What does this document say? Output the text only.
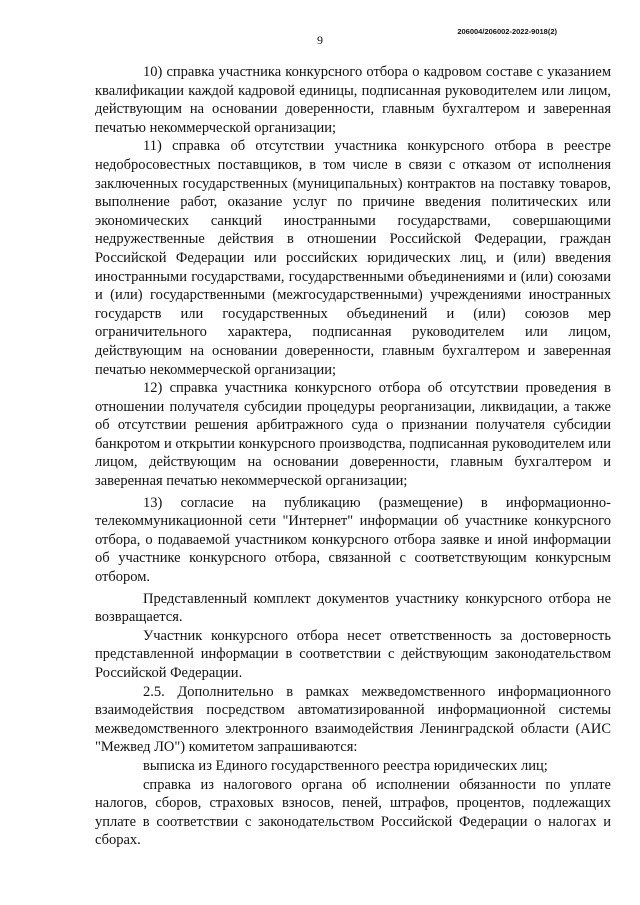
9
206004/206002-2022-9018(2)

10) справка участника конкурсного отбора о кадровом составе с указанием квалификации каждой кадровой единицы, подписанная руководителем или лицом, действующим на основании доверенности, главным бухгалтером и заверенная печатью некоммерческой организации;

11) справка об отсутствии участника конкурсного отбора в реестре недобросовестных поставщиков, в том числе в связи с отказом от исполнения заключенных государственных (муниципальных) контрактов на поставку товаров, выполнение работ, оказание услуг по причине введения политических или экономических санкций иностранными государствами, совершающими недружественные действия в отношении Российской Федерации, граждан Российской Федерации или российских юридических лиц, и (или) введения иностранными государствами, государственными объединениями и (или) союзами и (или) государственными (межгосударственными) учреждениями иностранных государств или государственных объединений и (или) союзов мер ограничительного характера, подписанная руководителем или лицом, действующим на основании доверенности, главным бухгалтером и заверенная печатью некоммерческой организации;

12) справка участника конкурсного отбора об отсутствии проведения в отношении получателя субсидии процедуры реорганизации, ликвидации, а также об отсутствии решения арбитражного суда о признании получателя субсидии банкротом и открытии конкурсного производства, подписанная руководителем или лицом, действующим на основании доверенности, главным бухгалтером и заверенная печатью некоммерческой организации;

13) согласие на публикацию (размещение) в информационно-телекоммуникационной сети "Интернет" информации об участнике конкурсного отбора, о подаваемой участником конкурсного отбора заявке и иной информации об участнике конкурсного отбора, связанной с соответствующим конкурсным отбором.

Представленный комплект документов участнику конкурсного отбора не возвращается.

Участник конкурсного отбора несет ответственность за достоверность представленной информации в соответствии с действующим законодательством Российской Федерации.

2.5. Дополнительно в рамках межведомственного информационного взаимодействия посредством автоматизированной информационной системы межведомственного электронного взаимодействия Ленинградской области (АИС "Межвед ЛО") комитетом запрашиваются:

выписка из Единого государственного реестра юридических лиц;

справка из налогового органа об исполнении обязанности по уплате налогов, сборов, страховых взносов, пеней, штрафов, процентов, подлежащих уплате в соответствии с законодательством Российской Федерации о налогах и сборах.
